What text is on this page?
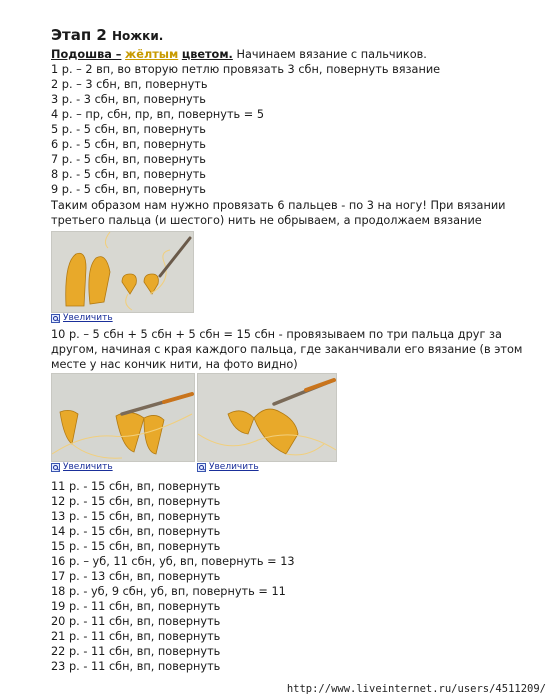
Этап 2 Ножки.
Подошва – жёлтым цветом. Начинаем вязание с пальчиков.
1 р. – 2 вп, во вторую петлю провязать 3 сбн, повернуть вязание
2 р. – 3 сбн, вп, повернуть
3 р. - 3 сбн, вп, повернуть
4 р. – пр, сбн, пр, вп, повернуть = 5
5 р. - 5 сбн, вп, повернуть
6 р. - 5 сбн, вп, повернуть
7 р. - 5 сбн, вп, повернуть
8 р. - 5 сбн, вп, повернуть
9 р. - 5 сбн, вп, повернуть
Таким образом нам нужно провязать 6 пальцев - по 3 на ногу! При вязании
третьего пальца (и шестого) нить не обрываем, а продолжаем вязание
Увеличить
10 р. – 5 сбн + 5 сбн + 5 сбн = 15 сбн - провязываем по три пальца друг за
другом, начиная с края каждого пальца, где заканчивали его вязание (в этом
месте у нас кончик нити, на фото видно)
Увеличить	Увеличить
11 р. - 15 сбн, вп, повернуть
12 р. - 15 сбн, вп, повернуть
13 р. - 15 сбн, вп, повернуть
14 р. - 15 сбн, вп, повернуть
15 р. - 15 сбн, вп, повернуть
16 р. – уб, 11 сбн, уб, вп, повернуть = 13
17 р. - 13 сбн, вп, повернуть
18 р. - уб, 9 сбн, уб, вп, повернуть = 11
19 р. - 11 сбн, вп, повернуть
20 р. - 11 сбн, вп, повернуть
21 р. - 11 сбн, вп, повернуть
22 р. - 11 сбн, вп, повернуть
23 р. - 11 сбн, вп, повернуть
http://www.liveinternet.ru/users/4511209/
